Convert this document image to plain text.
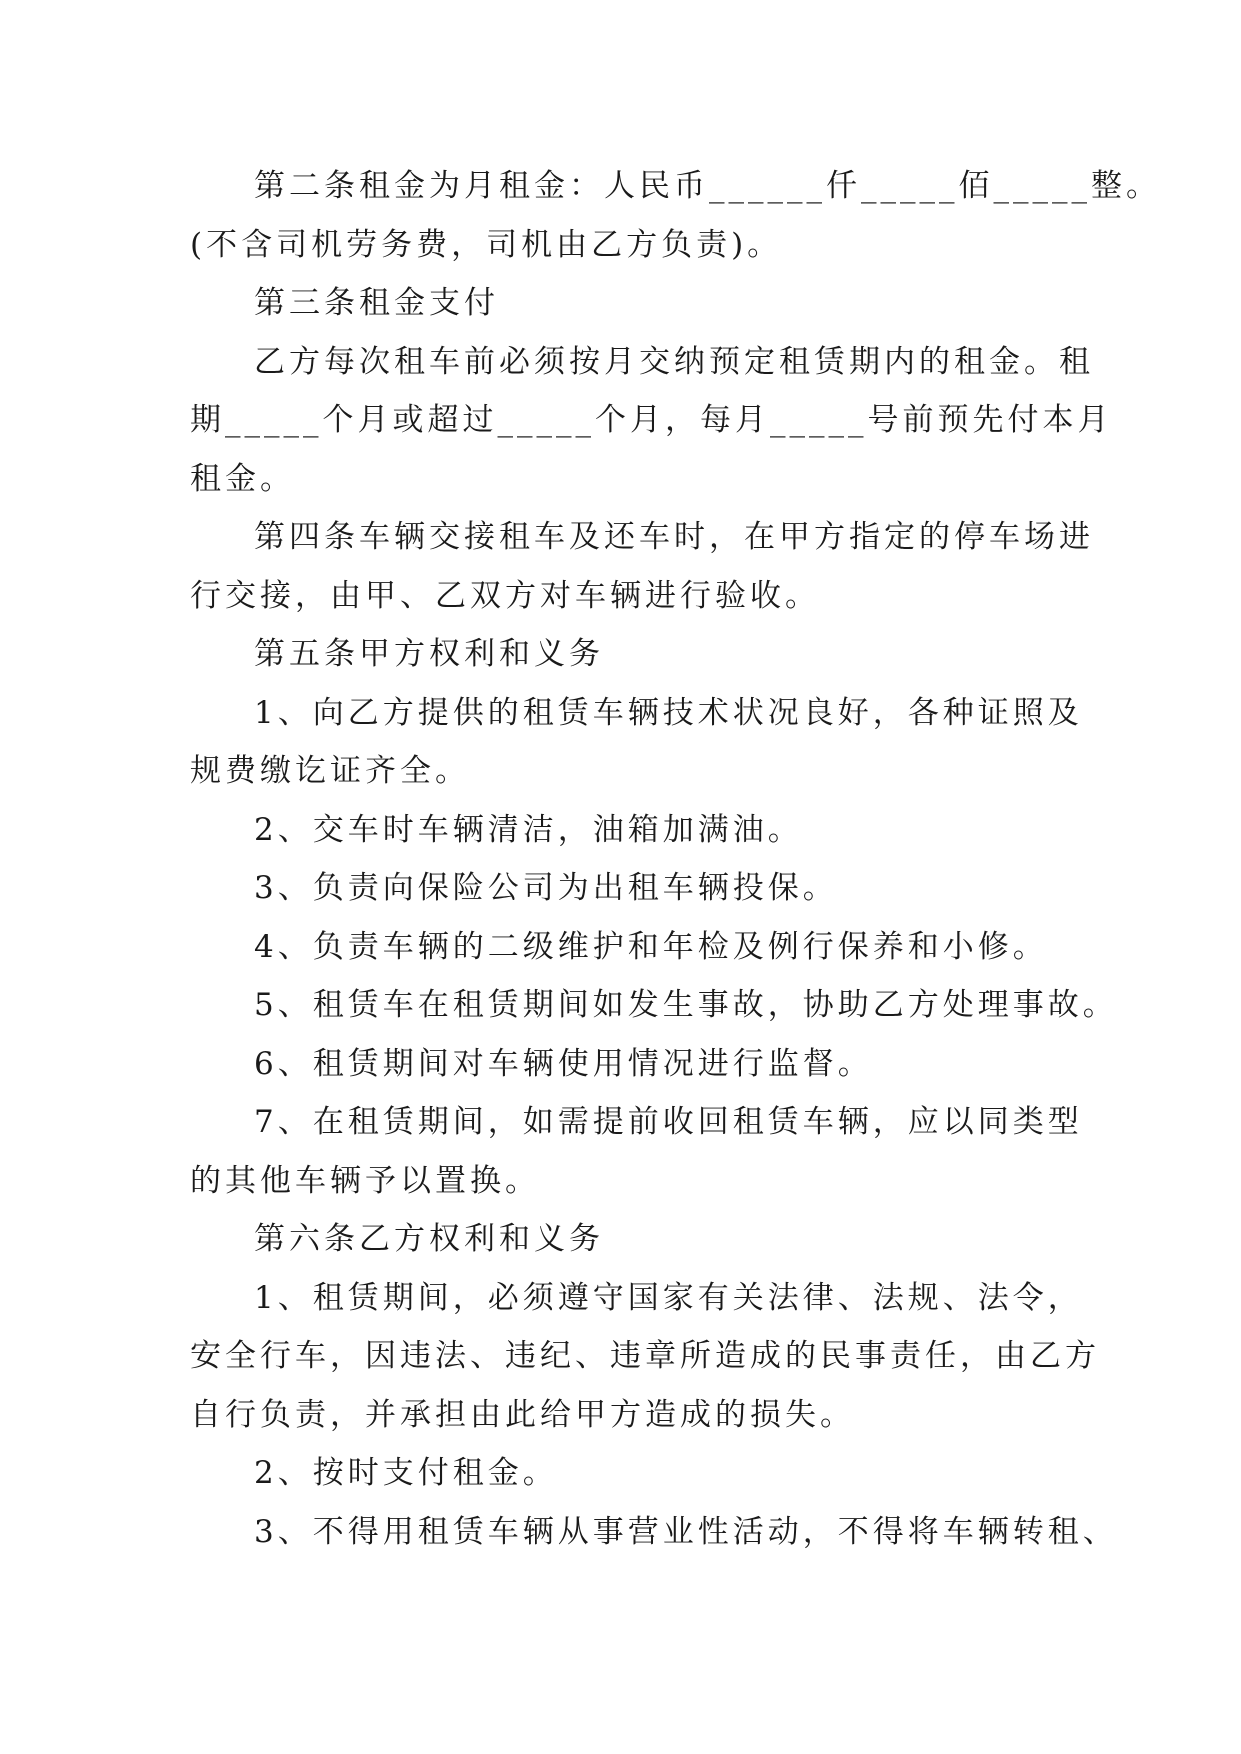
第二条租金为月租金：人民币______仟_____佰_____整。

(不含司机劳务费，司机由乙方负责)。

第三条租金支付

乙方每次租车前必须按月交纳预定租赁期内的租金。租

期_____个月或超过_____个月，每月_____号前预先付本月

租金。

第四条车辆交接租车及还车时，在甲方指定的停车场进

行交接，由甲、乙双方对车辆进行验收。

第五条甲方权利和义务

1、向乙方提供的租赁车辆技术状况良好，各种证照及

规费缴讫证齐全。

2、交车时车辆清洁，油箱加满油。

3、负责向保险公司为出租车辆投保。

4、负责车辆的二级维护和年检及例行保养和小修。

5、租赁车在租赁期间如发生事故，协助乙方处理事故。

6、租赁期间对车辆使用情况进行监督。

7、在租赁期间，如需提前收回租赁车辆，应以同类型

的其他车辆予以置换。

第六条乙方权利和义务

1、租赁期间，必须遵守国家有关法律、法规、法令，

安全行车，因违法、违纪、违章所造成的民事责任，由乙方

自行负责，并承担由此给甲方造成的损失。

2、按时支付租金。

3、不得用租赁车辆从事营业性活动，不得将车辆转租、
